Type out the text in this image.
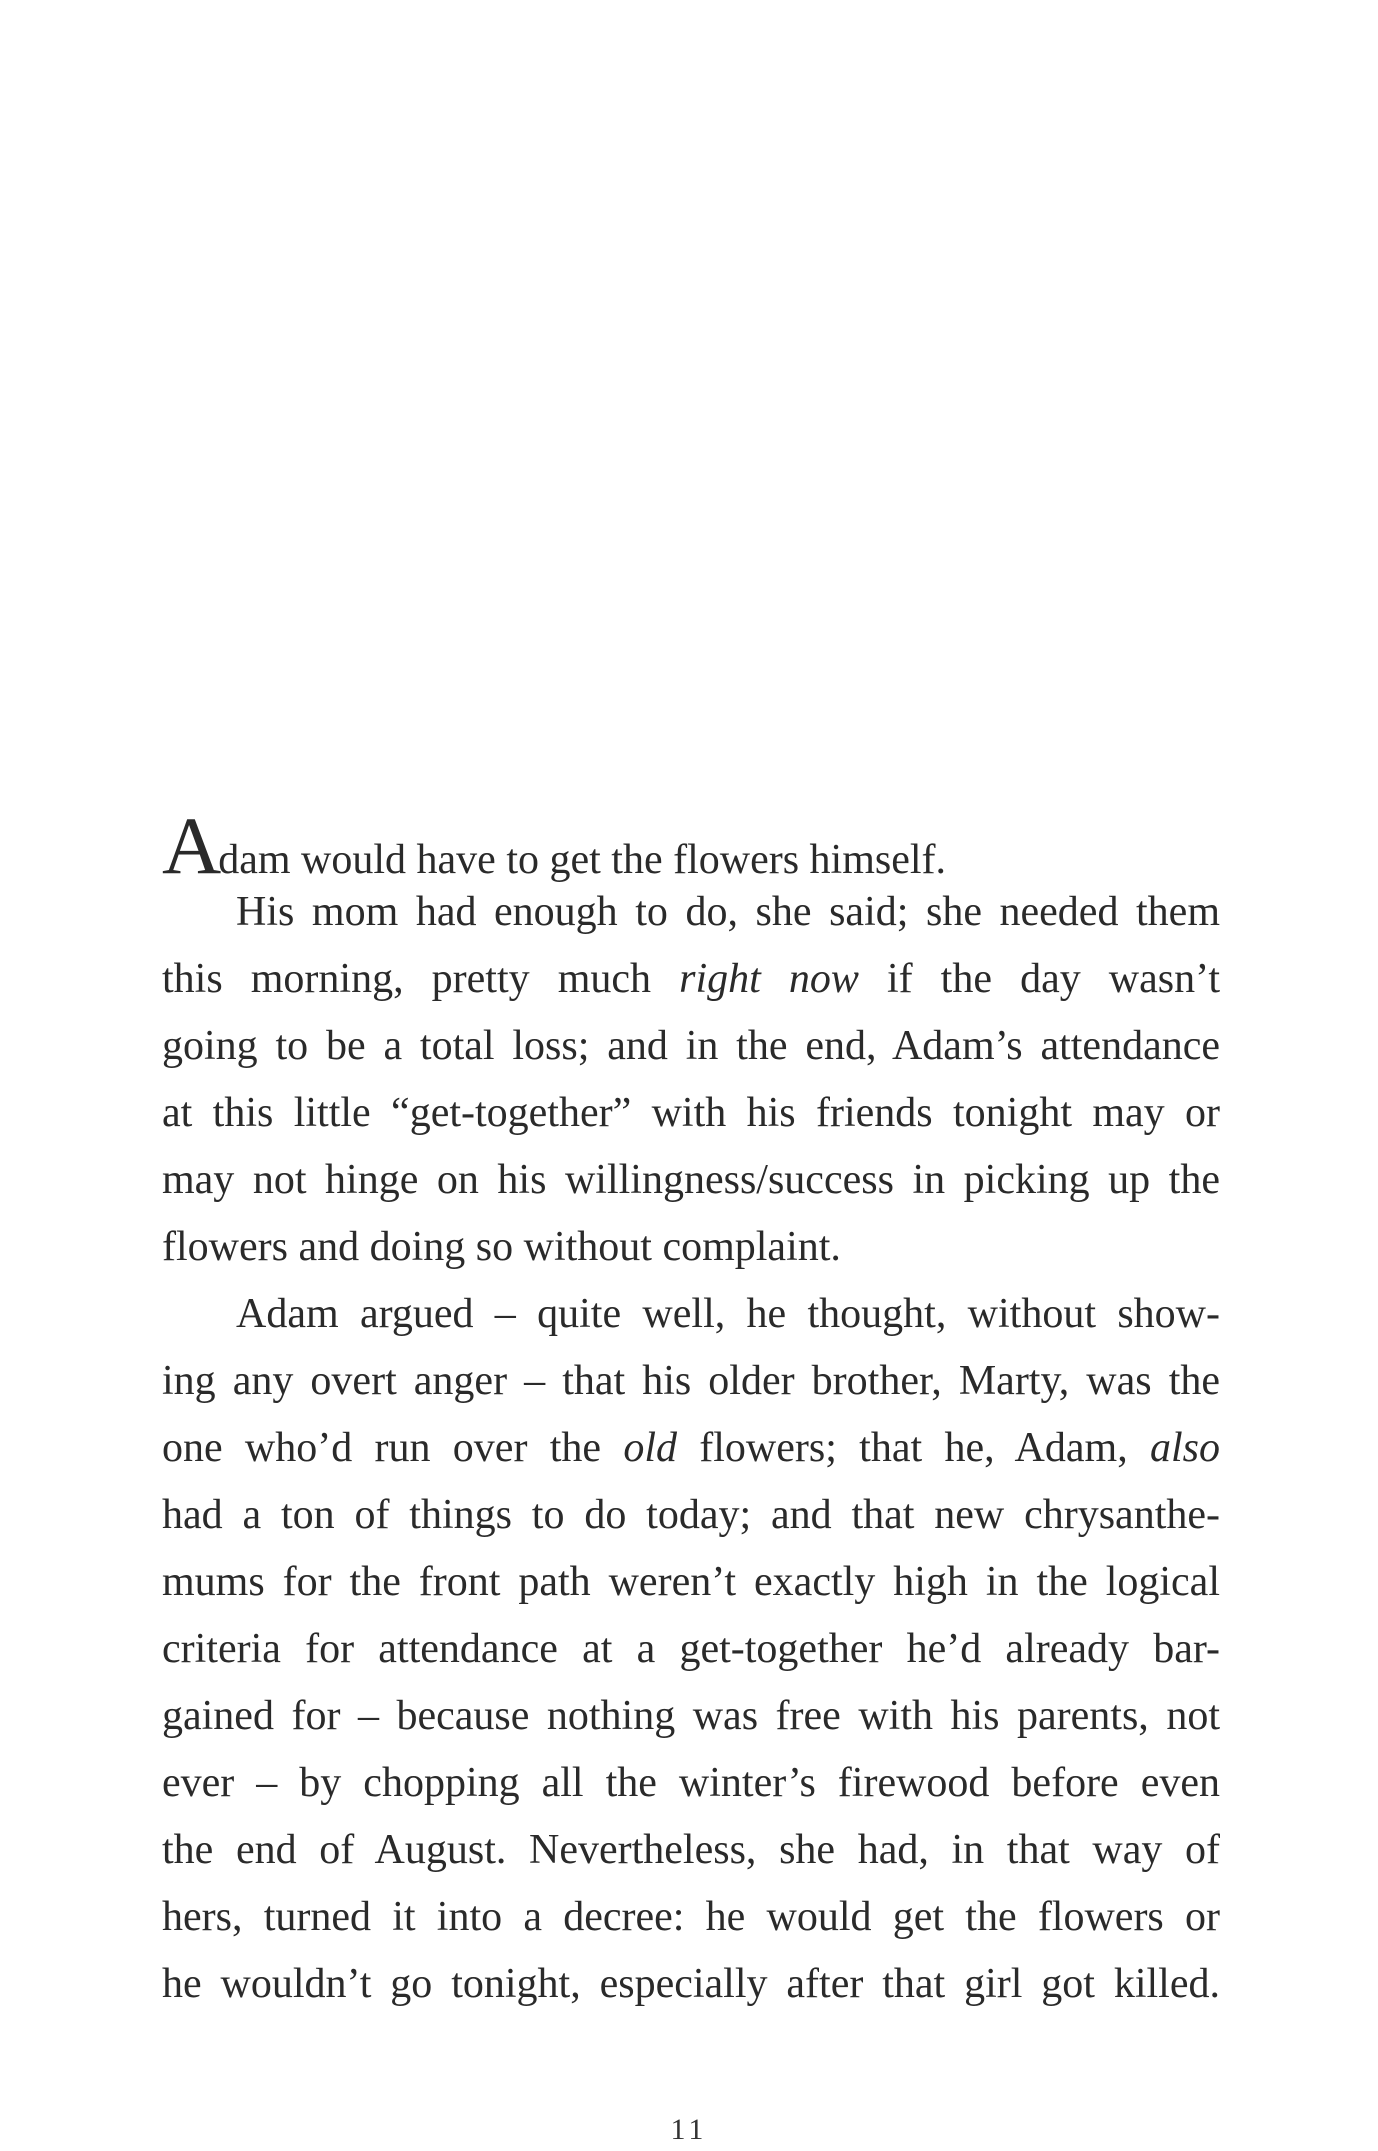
Adam would have to get the flowers himself.
His mom had enough to do, she said; she needed them
this morning, pretty much right now if the day wasn’t
going to be a total loss; and in the end, Adam’s attendance
at this little “get-together” with his friends tonight may or
may not hinge on his willingness/success in picking up the
flowers and doing so without complaint.
Adam argued – quite well, he thought, without show-
ing any overt anger – that his older brother, Marty, was the
one who’d run over the old flowers; that he, Adam, also
had a ton of things to do today; and that new chrysanthe-
mums for the front path weren’t exactly high in the logical
criteria for attendance at a get-together he’d already bar-
gained for – because nothing was free with his parents, not
ever – by chopping all the winter’s firewood before even
the end of August. Nevertheless, she had, in that way of
hers, turned it into a decree: he would get the flowers or
he wouldn’t go tonight, especially after that girl got killed.
11
